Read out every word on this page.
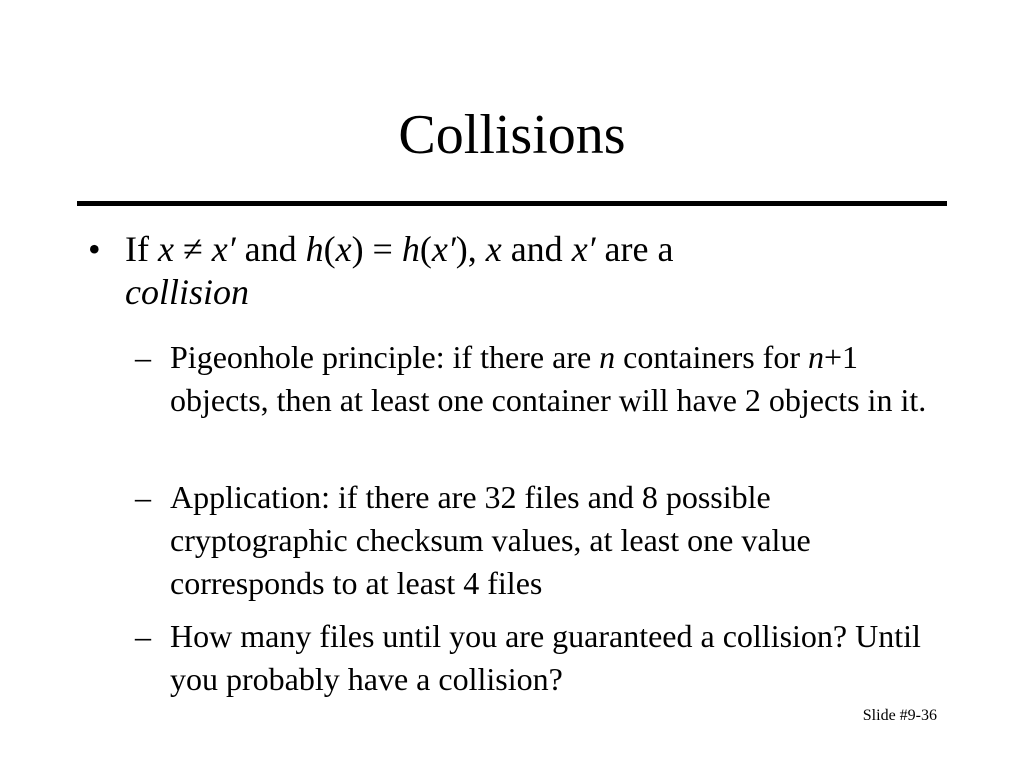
Collisions
• If x ≠ x′ and h(x) = h(x′), x and x′ are a
collision
– Pigeonhole principle: if there are n containers for n+1 objects, then at least one container will have 2 objects in it.
– Application: if there are 32 files and 8 possible cryptographic checksum values, at least one value corresponds to at least 4 files
– How many files until you are guaranteed a collision? Until you probably have a collision?
Slide #9-36
